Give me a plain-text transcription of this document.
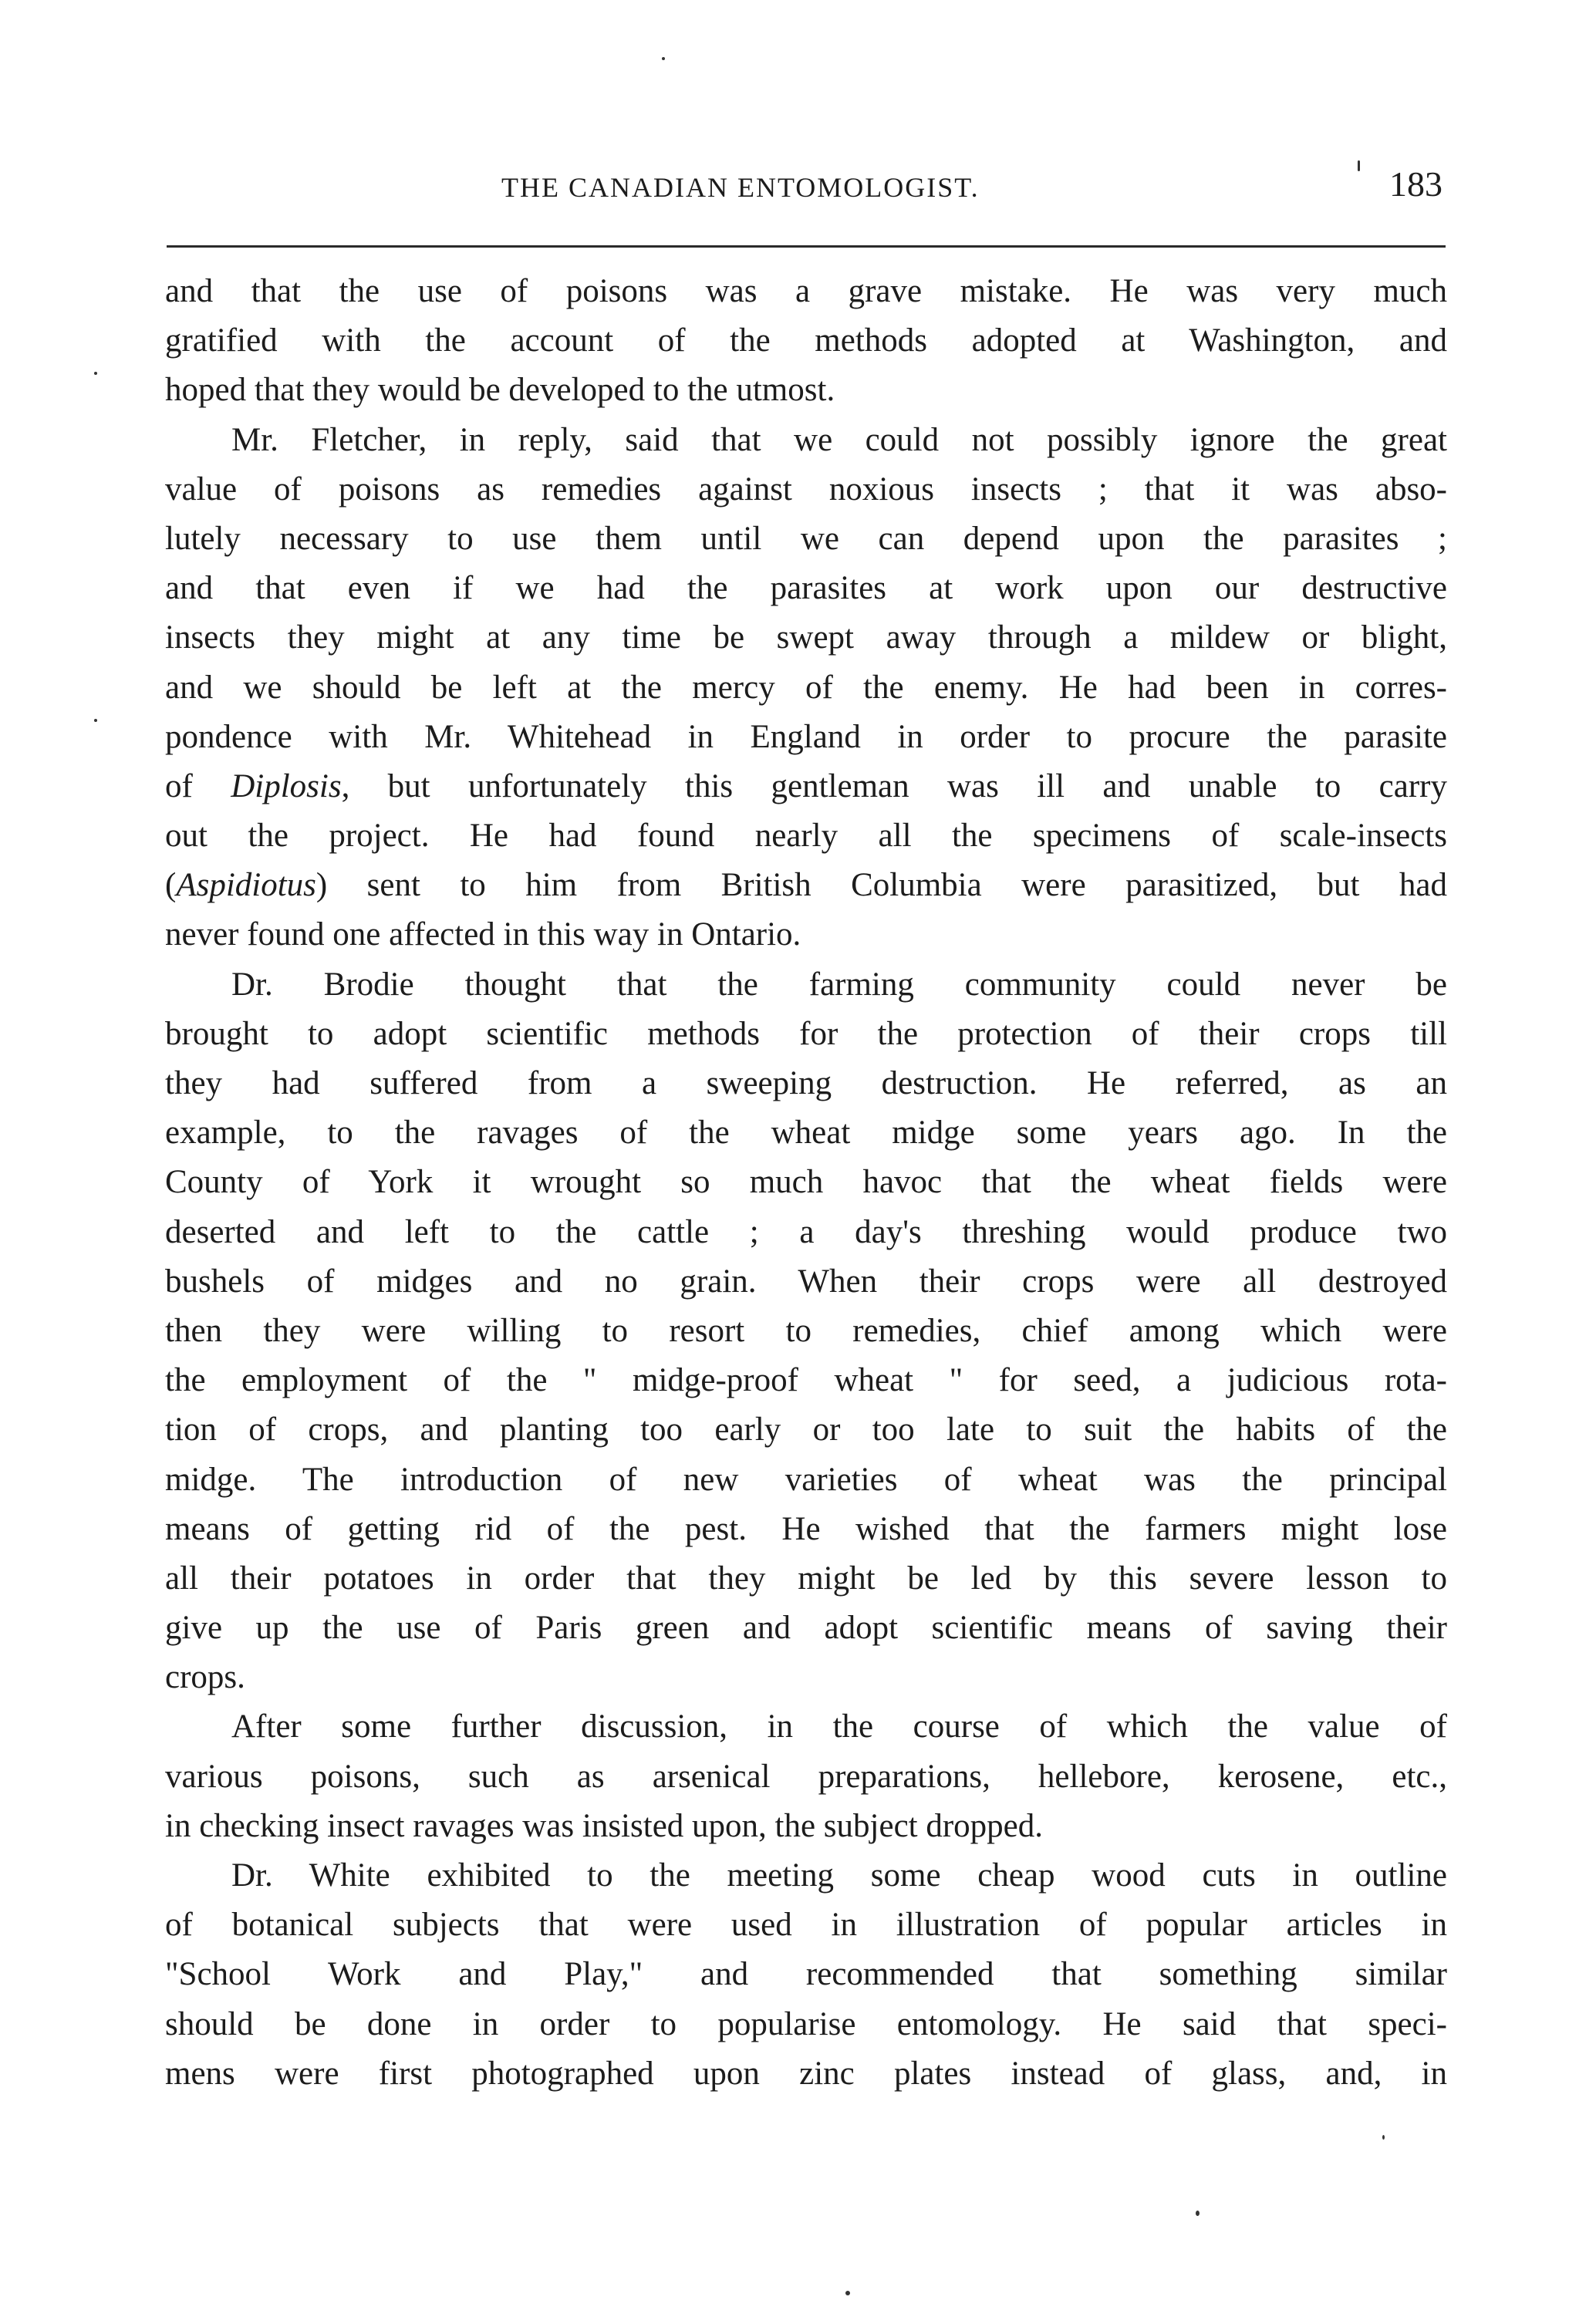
THE CANADIAN ENTOMOLOGIST.	183
and that the use of poisons was a grave mistake. He was very much
gratified with the account of the methods adopted at Washington, and
hoped that they would be developed to the utmost.
Mr. Fletcher, in reply, said that we could not possibly ignore the great
value of poisons as remedies against noxious insects ; that it was abso-
lutely necessary to use them until we can depend upon the parasites ;
and that even if we had the parasites at work upon our destructive
insects they might at any time be swept away through a mildew or blight,
and we should be left at the mercy of the enemy. He had been in corres-
pondence with Mr. Whitehead in England in order to procure the parasite
of Diplosis, but unfortunately this gentleman was ill and unable to carry
out the project. He had found nearly all the specimens of scale-insects
(Aspidiotus) sent to him from British Columbia were parasitized, but had
never found one affected in this way in Ontario.
Dr. Brodie thought that the farming community could never be
brought to adopt scientific methods for the protection of their crops till
they had suffered from a sweeping destruction. He referred, as an
example, to the ravages of the wheat midge some years ago. In the
County of York it wrought so much havoc that the wheat fields were
deserted and left to the cattle ; a day's threshing would produce two
bushels of midges and no grain. When their crops were all destroyed
then they were willing to resort to remedies, chief among which were
the employment of the " midge-proof wheat " for seed, a judicious rota-
tion of crops, and planting too early or too late to suit the habits of the
midge. The introduction of new varieties of wheat was the principal
means of getting rid of the pest. He wished that the farmers might lose
all their potatoes in order that they might be led by this severe lesson to
give up the use of Paris green and adopt scientific means of saving their
crops.
After some further discussion, in the course of which the value of
various poisons, such as arsenical preparations, hellebore, kerosene, etc.,
in checking insect ravages was insisted upon, the subject dropped.
Dr. White exhibited to the meeting some cheap wood cuts in outline
of botanical subjects that were used in illustration of popular articles in
"School Work and Play," and recommended that something similar
should be done in order to popularise entomology. He said that speci-
mens were first photographed upon zinc plates instead of glass, and, in
